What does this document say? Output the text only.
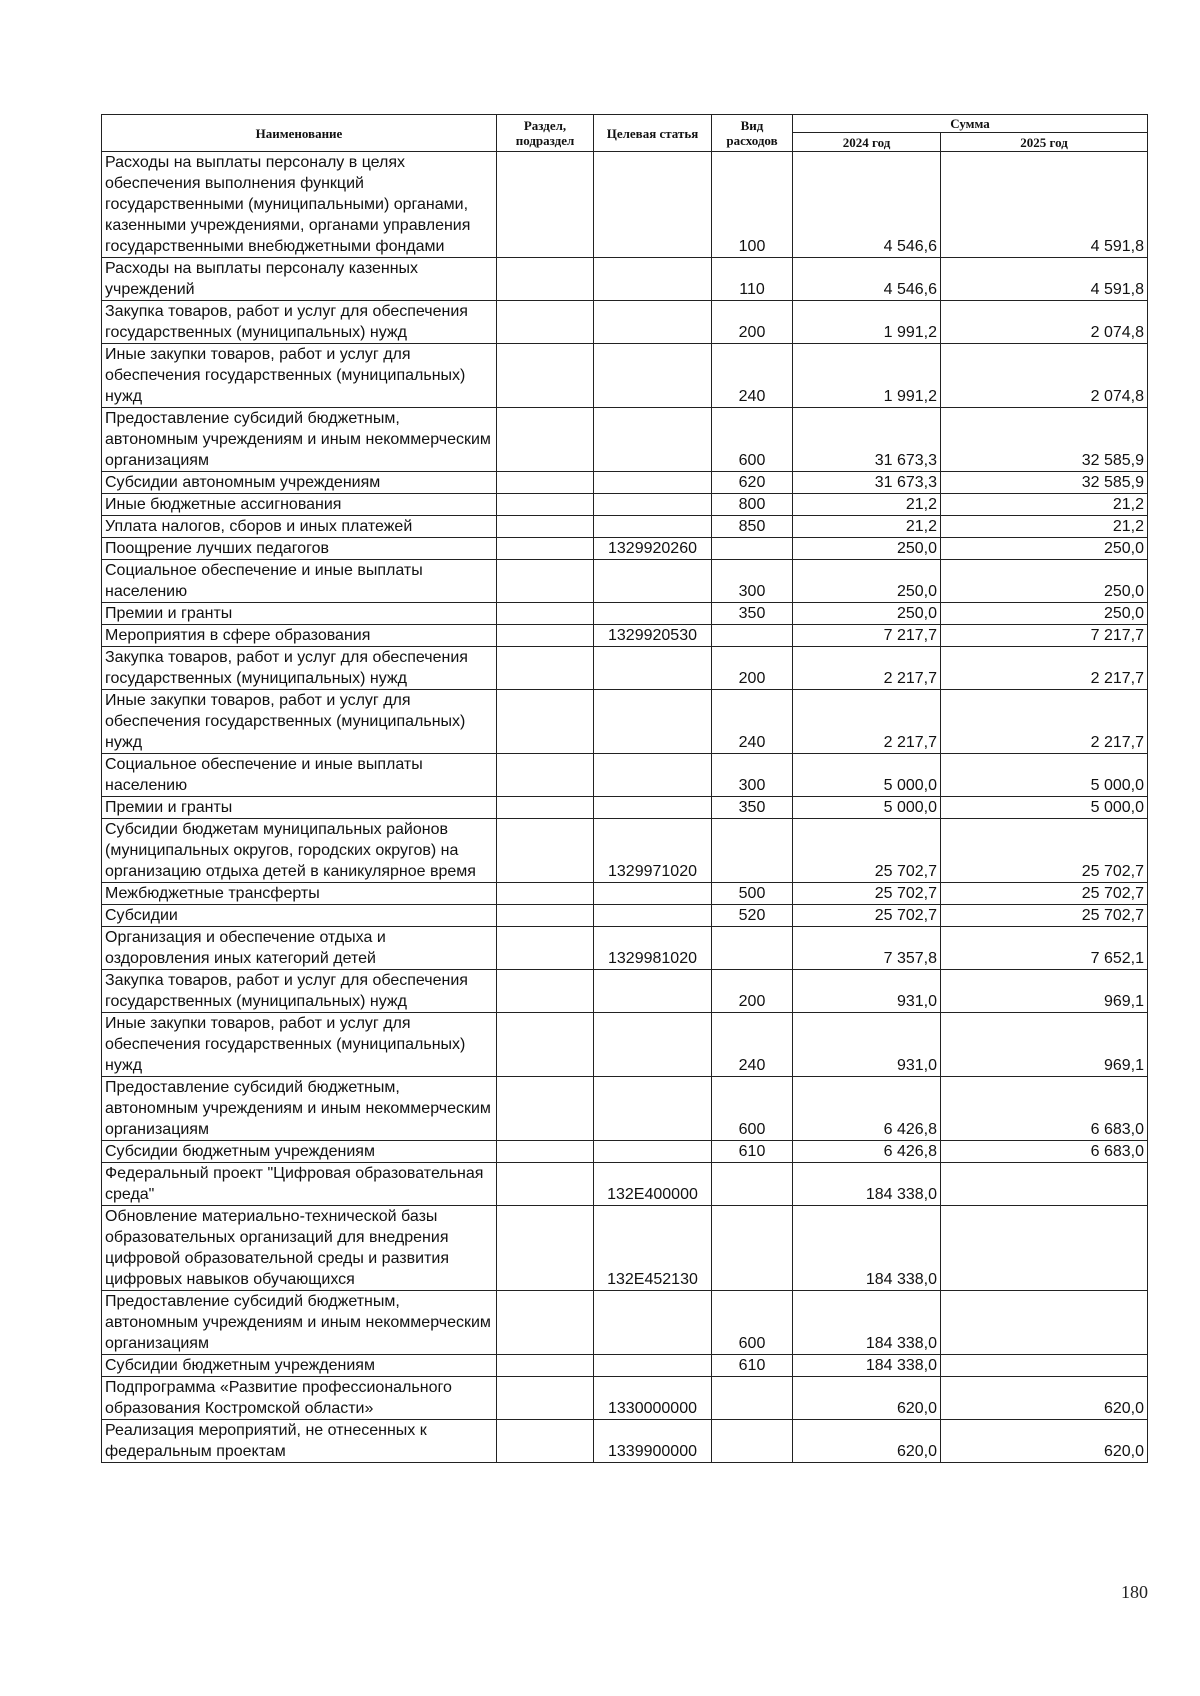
Наименование	Раздел, подраздел	Целевая статья	Вид расходов	Сумма	
				2024 год	2025 год
Расходы на выплаты персоналу в целях обеспечения выполнения функций государственными (муниципальными) органами, казенными учреждениями, органами управления государственными внебюджетными фондами			100	4 546,6	4 591,8
Расходы на выплаты персоналу казенных учреждений			110	4 546,6	4 591,8
Закупка товаров, работ и услуг для обеспечения государственных (муниципальных) нужд			200	1 991,2	2 074,8
Иные закупки товаров, работ и услуг для обеспечения государственных (муниципальных) нужд			240	1 991,2	2 074,8
Предоставление субсидий бюджетным, автономным учреждениям и иным некоммерческим организациям			600	31 673,3	32 585,9
Субсидии автономным учреждениям			620	31 673,3	32 585,9
Иные бюджетные ассигнования			800	21,2	21,2
Уплата налогов, сборов и иных платежей			850	21,2	21,2
Поощрение лучших педагогов		1329920260		250,0	250,0
Социальное обеспечение и иные выплаты населению			300	250,0	250,0
Премии и гранты			350	250,0	250,0
Мероприятия в сфере образования		1329920530		7 217,7	7 217,7
Закупка товаров, работ и услуг для обеспечения государственных (муниципальных) нужд			200	2 217,7	2 217,7
Иные закупки товаров, работ и услуг для обеспечения государственных (муниципальных) нужд			240	2 217,7	2 217,7
Социальное обеспечение и иные выплаты населению			300	5 000,0	5 000,0
Премии и гранты			350	5 000,0	5 000,0
Субсидии бюджетам муниципальных районов (муниципальных округов, городских округов) на организацию отдыха детей в каникулярное время		1329971020		25 702,7	25 702,7
Межбюджетные трансферты			500	25 702,7	25 702,7
Субсидии			520	25 702,7	25 702,7
Организация и обеспечение отдыха и оздоровления иных категорий детей		1329981020		7 357,8	7 652,1
Закупка товаров, работ и услуг для обеспечения государственных (муниципальных) нужд			200	931,0	969,1
Иные закупки товаров, работ и услуг для обеспечения государственных (муниципальных) нужд			240	931,0	969,1
Предоставление субсидий бюджетным, автономным учреждениям и иным некоммерческим организациям			600	6 426,8	6 683,0
Субсидии бюджетным учреждениям			610	6 426,8	6 683,0
Федеральный проект "Цифровая образовательная среда"		132E400000		184 338,0	
Обновление материально-технической базы образовательных организаций для внедрения цифровой образовательной среды и развития цифровых навыков обучающихся		132E452130		184 338,0	
Предоставление субсидий бюджетным, автономным учреждениям и иным некоммерческим организациям			600	184 338,0	
Субсидии бюджетным учреждениям			610	184 338,0	
Подпрограмма «Развитие профессионального образования Костромской области»		1330000000		620,0	620,0
Реализация мероприятий, не отнесенных к федеральным проектам		1339900000		620,0	620,0
180
